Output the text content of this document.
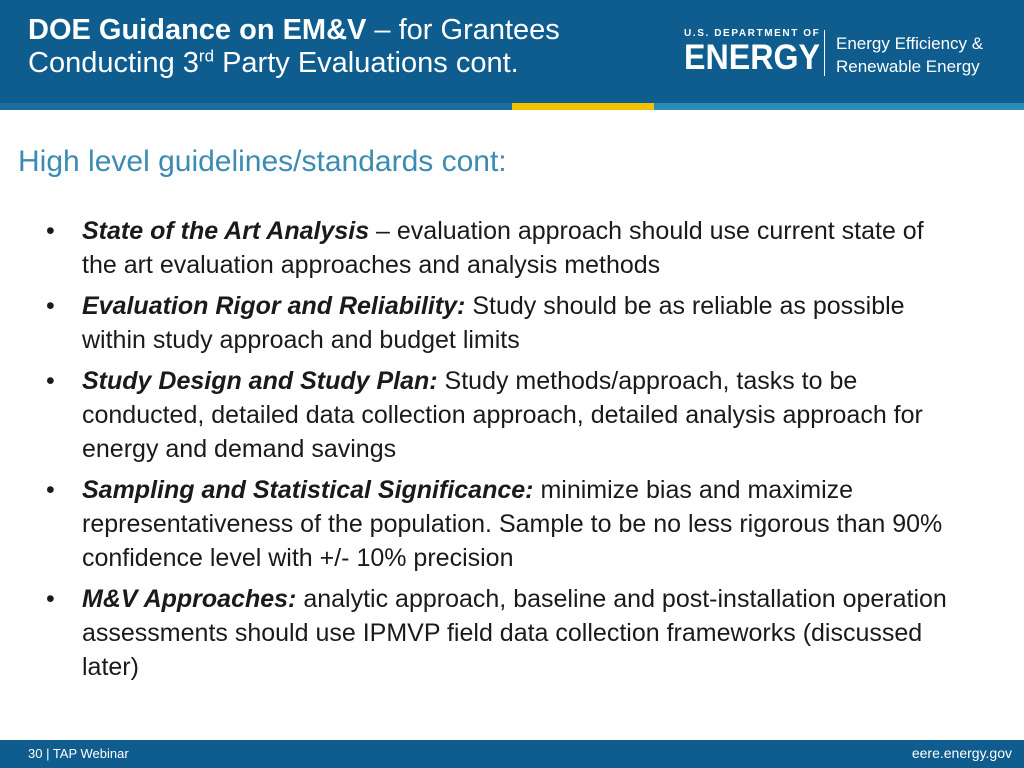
DOE Guidance on EM&V – for Grantees
Conducting 3rd Party Evaluations cont.
U.S. DEPARTMENT OF
ENERGY Energy Efficiency &
Renewable Energy
High level guidelines/standards cont:
• State of the Art Analysis – evaluation approach should use current state of the art evaluation approaches and analysis methods
• Evaluation Rigor and Reliability: Study should be as reliable as possible within study approach and budget limits
• Study Design and Study Plan: Study methods/approach, tasks to be conducted, detailed data collection approach, detailed analysis approach for energy and demand savings
• Sampling and Statistical Significance: minimize bias and maximize representativeness of the population. Sample to be no less rigorous than 90% confidence level with +/- 10% precision
• M&V Approaches: analytic approach, baseline and post-installation operation assessments should use IPMVP field data collection frameworks (discussed later)
30 | TAP Webinar	eere.energy.gov
